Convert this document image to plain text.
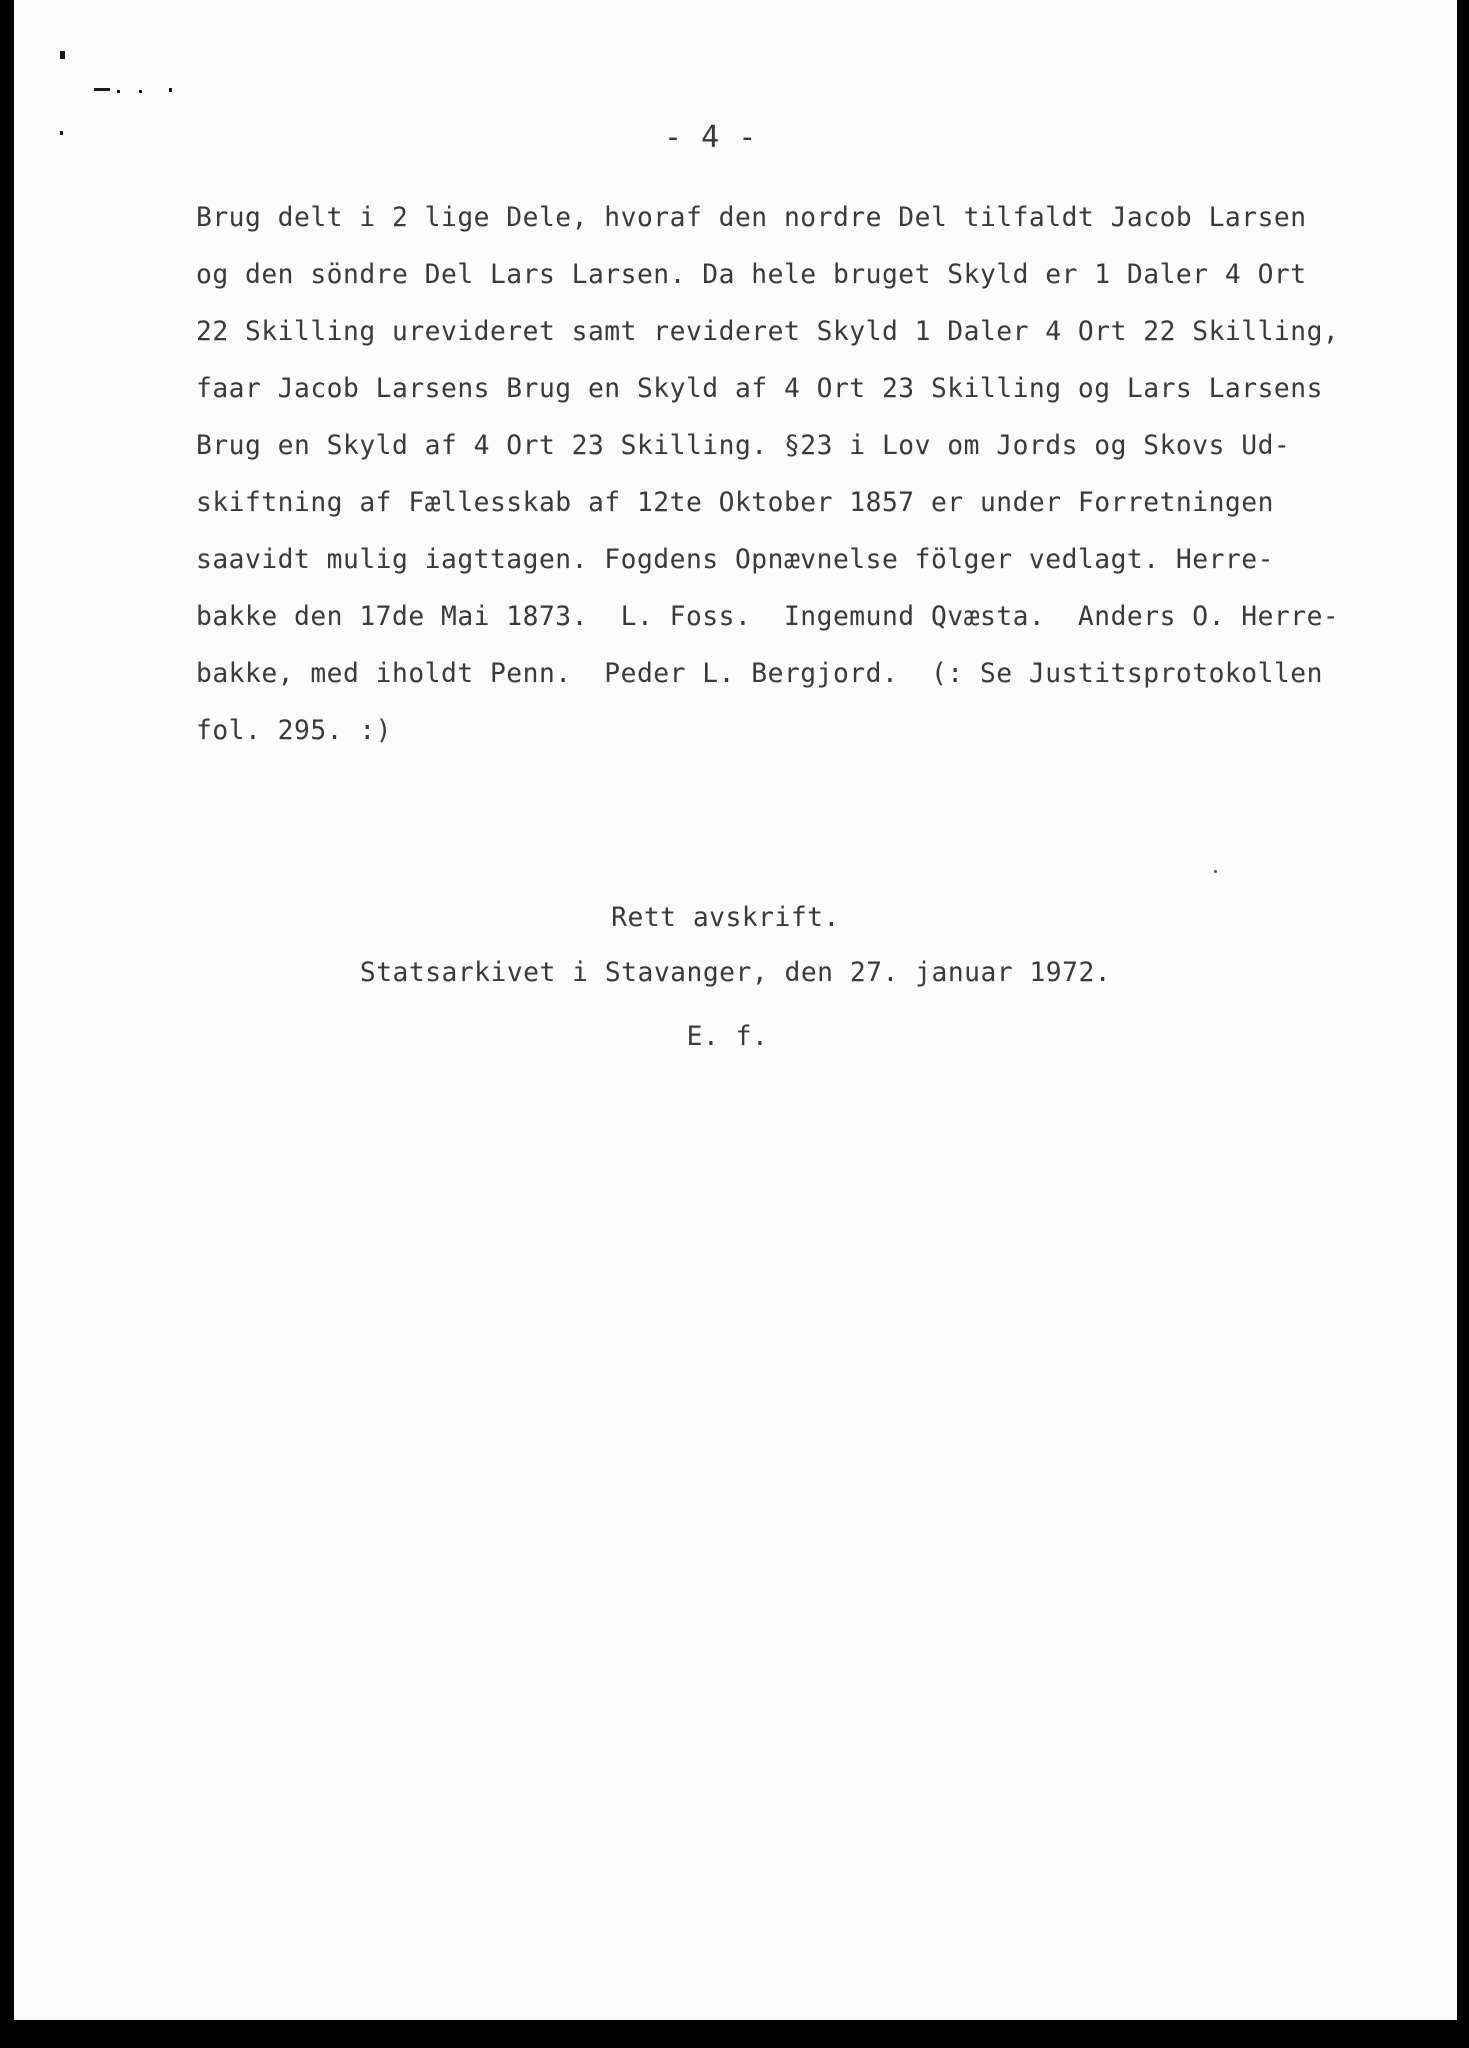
- 4 -
Brug delt i 2 lige Dele, hvoraf den nordre Del tilfaldt Jacob Larsen
og den söndre Del Lars Larsen. Da hele bruget Skyld er 1 Daler 4 Ort
22 Skilling urevideret samt revideret Skyld 1 Daler 4 Ort 22 Skilling,
faar Jacob Larsens Brug en Skyld af 4 Ort 23 Skilling og Lars Larsens
Brug en Skyld af 4 Ort 23 Skilling. §23 i Lov om Jords og Skovs Ud-
skiftning af Fællesskab af 12te Oktober 1857 er under Forretningen
saavidt mulig iagttagen. Fogdens Opnævnelse fölger vedlagt. Herre-
bakke den 17de Mai 1873.  L. Foss.  Ingemund Qvæsta.  Anders O. Herre-
bakke, med iholdt Penn.  Peder L. Bergjord.  (: Se Justitsprotokollen
fol. 295. :)
Rett avskrift.
Statsarkivet i Stavanger, den 27. januar 1972.
E. f.
